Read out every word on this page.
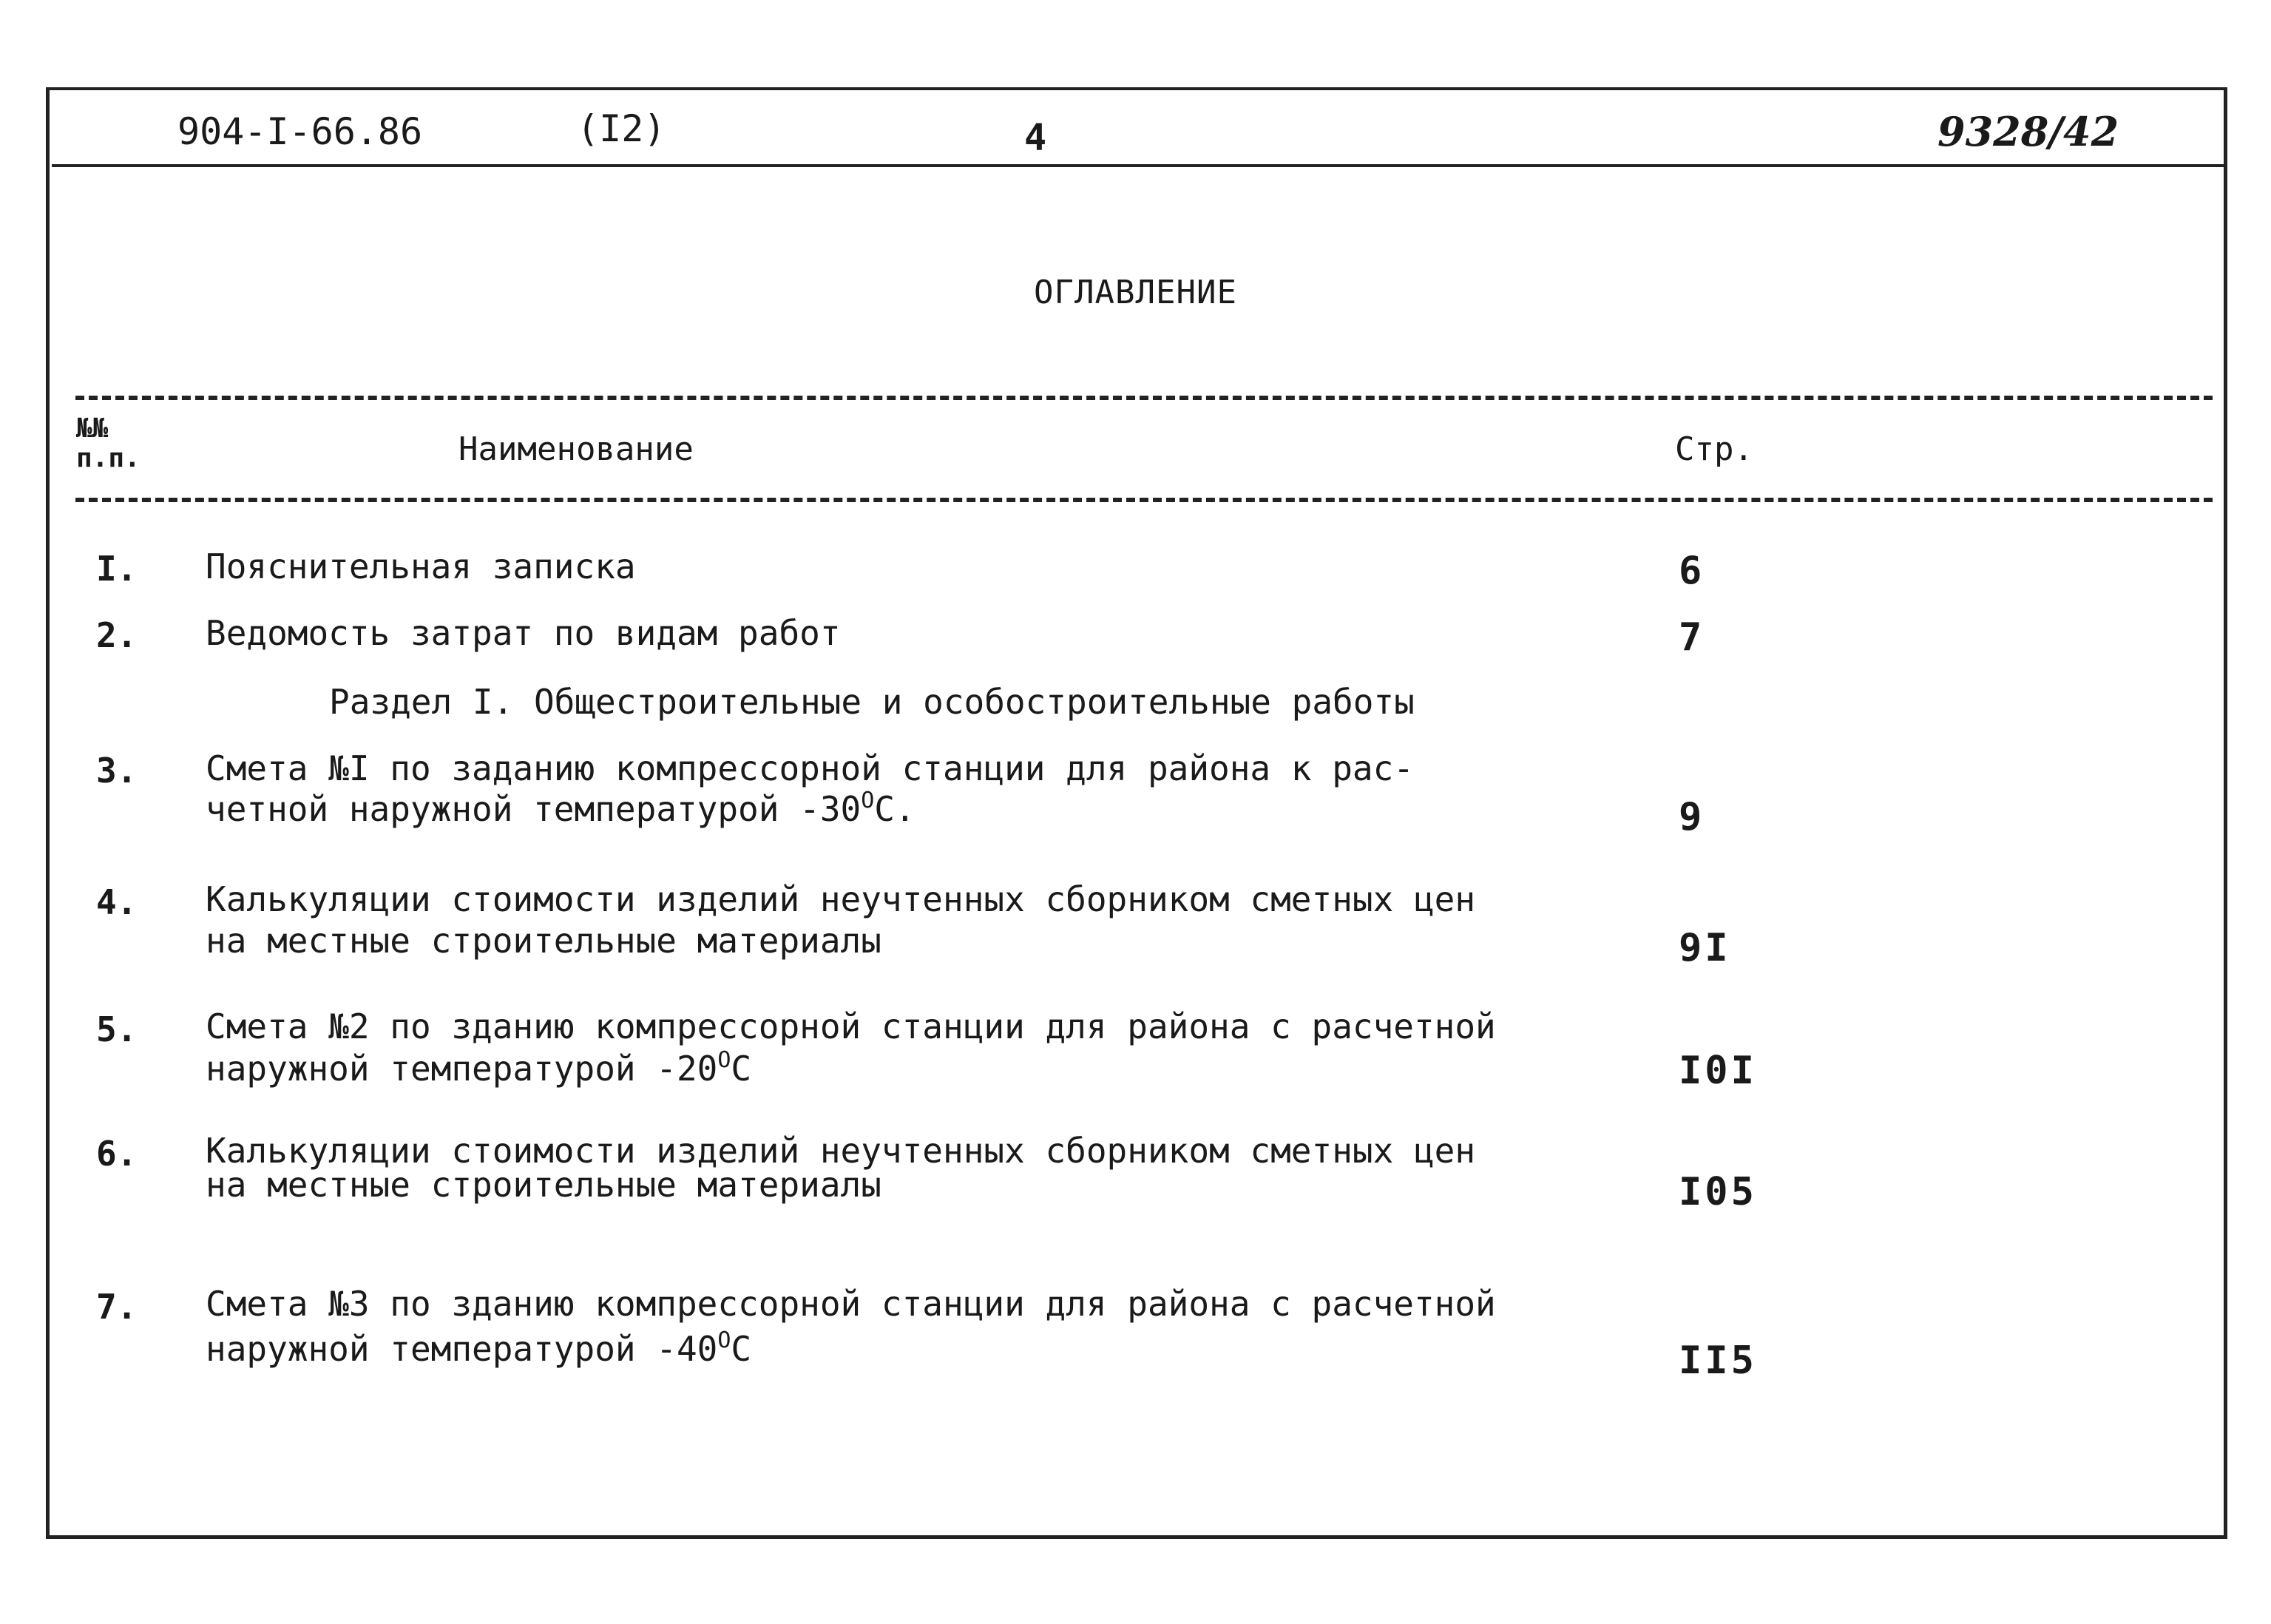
904-I-66.86	(I2)	4	9328/42
ОГЛАВЛЕНИЕ
№№
п.п.	Наименование	Стр.
I. Пояснительная записка	6
2. Ведомость затрат по видам работ	7
Раздел I. Общестроительные и особостроительные работы
3. Смета №I по заданию компрессорной станции для района к рас-
четной наружной температурой $-30^OC$.	9
4. Калькуляции стоимости изделий неучтенных сборником сметных цен
на местные строительные материалы	9I
5. Смета №2 по зданию компрессорной станции для района с расчетной
наружной температурой $-20^OC$	I0I
6. Калькуляции стоимости изделий неучтенных сборником сметных цен
на местные строительные материалы	I05
7. Смета №3 по зданию компрессорной станции для района с расчетной
наружной температурой $-40^OC$	II5
